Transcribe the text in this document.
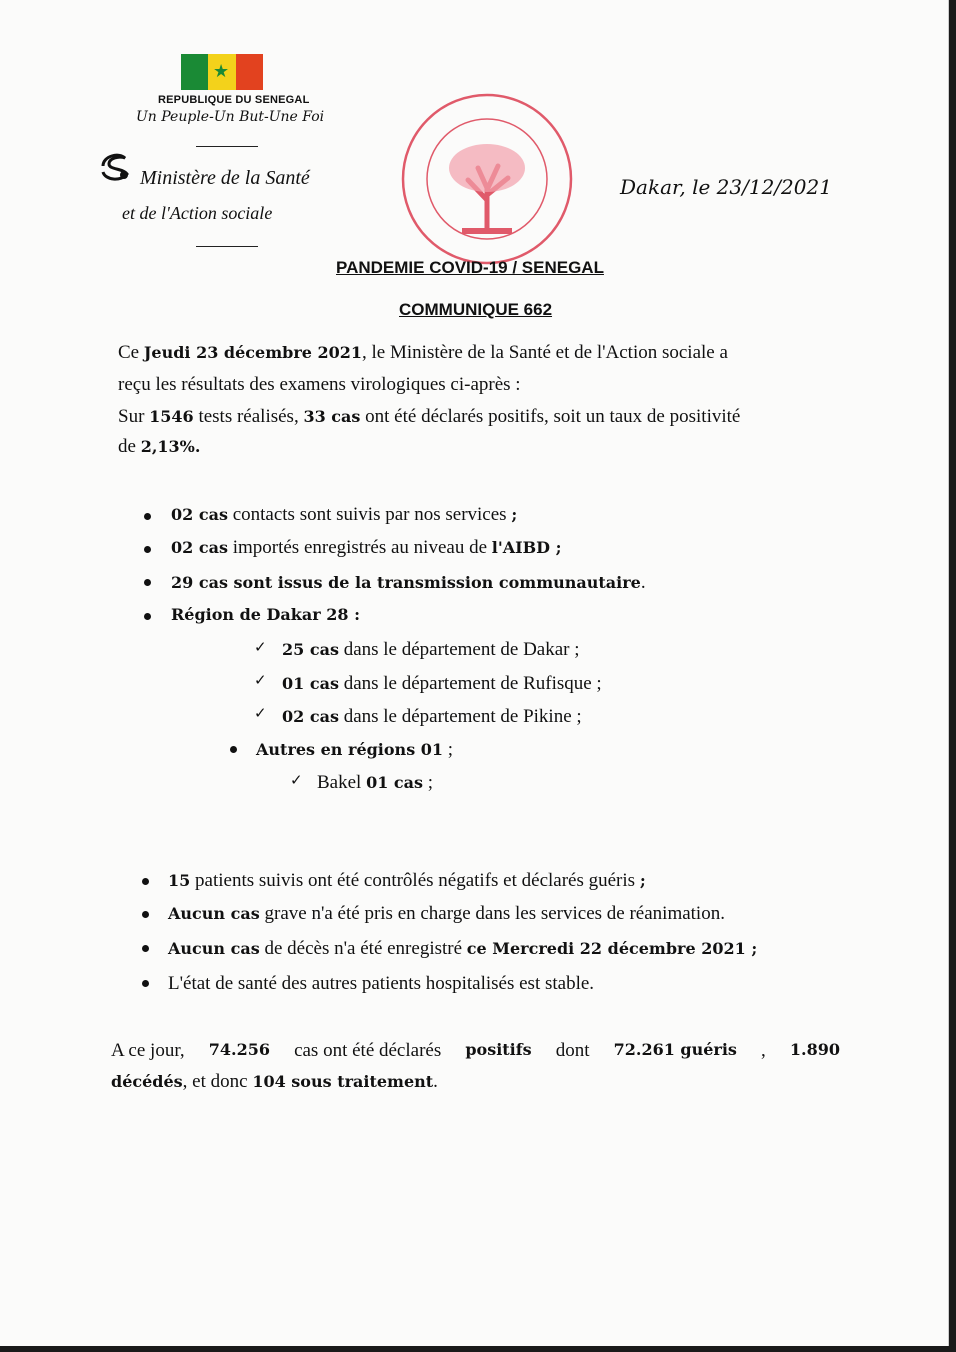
★
REPUBLIQUE DU SENEGAL
Un Peuple-Un But-Une Foi
Ministère de la Santé
et de l'Action sociale
Dakar, le 23/12/2021
PANDEMIE COVID-19 / SENEGAL
COMMUNIQUE 662
Ce Jeudi 23 décembre 2021, le Ministère de la Santé et de l'Action sociale a
reçu les résultats des examens virologiques ci-après :
Sur 1546 tests réalisés, 33 cas ont été déclarés positifs, soit un taux de positivité
de 2,13%.
02 cas contacts sont suivis par nos services ;
02 cas importés enregistrés au niveau de l'AIBD ;
29 cas sont issus de la transmission communautaire.
Région de Dakar 28 :
✓ 25 cas dans le département de Dakar ;
✓ 01 cas dans le département de Rufisque ;
✓ 02 cas dans le département de Pikine ;
Autres en régions 01 ;
✓ Bakel 01 cas ;
15 patients suivis ont été contrôlés négatifs et déclarés guéris ;
Aucun cas grave n'a été pris en charge dans les services de réanimation.
Aucun cas de décès n'a été enregistré ce Mercredi 22 décembre 2021 ;
L'état de santé des autres patients hospitalisés est stable.
A ce jour, 74.256 cas ont été déclarés positifs dont 72.261 guéris , 1.890
décédés, et donc 104 sous traitement.
